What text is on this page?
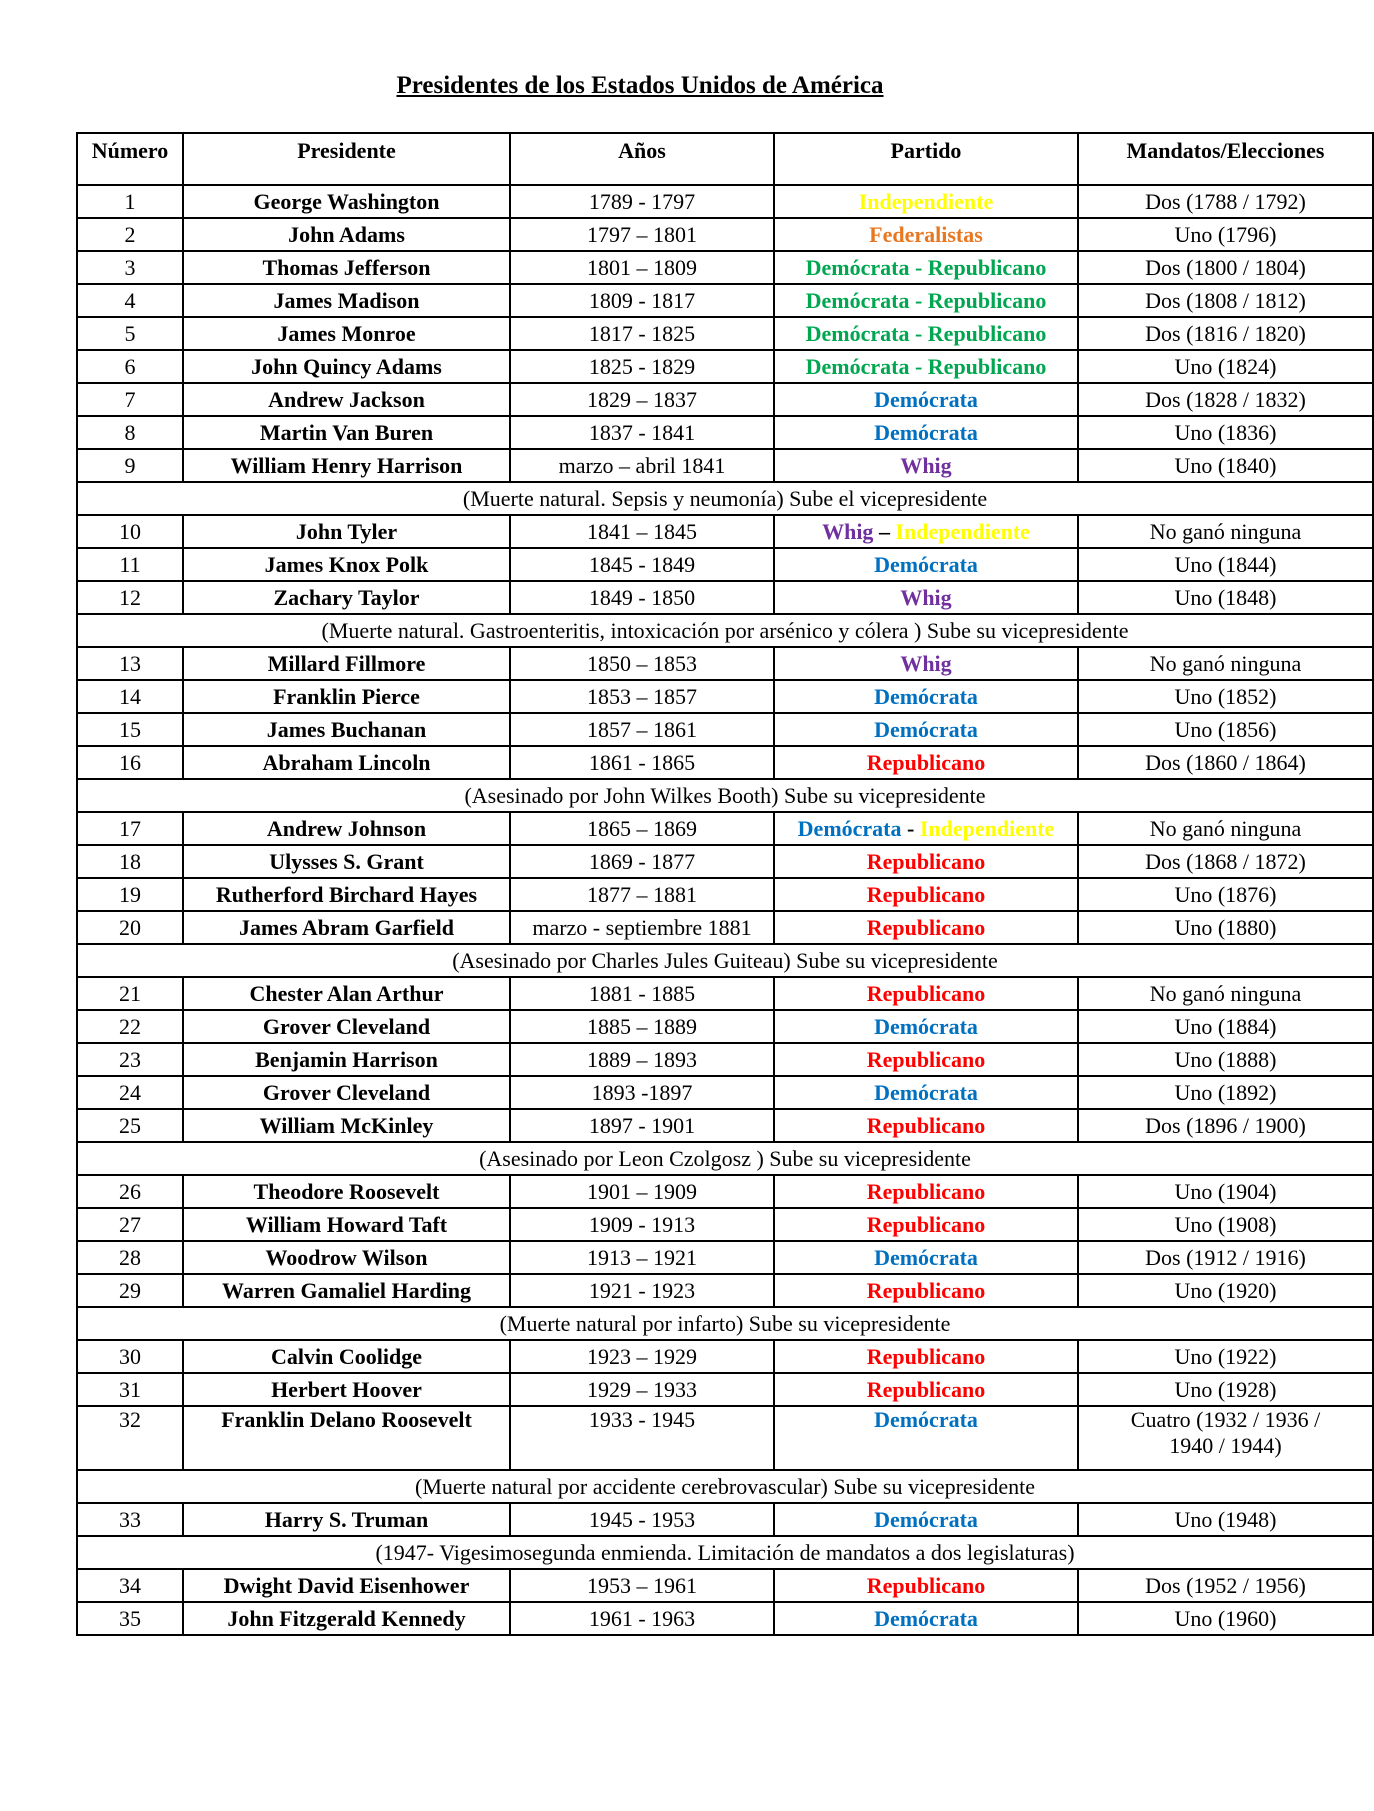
Presidentes de los Estados Unidos de América
Número	Presidente	Años	Partido	Mandatos/Elecciones
1	George Washington	1789 - 1797	Independiente	Dos (1788 / 1792)

2	John Adams	1797 – 1801	Federalistas	Uno (1796)

3	Thomas Jefferson	1801 – 1809	Demócrata - Republicano	Dos (1800 / 1804)

4	James Madison	1809 - 1817	Demócrata - Republicano	Dos (1808 / 1812)

5	James Monroe	1817 - 1825	Demócrata - Republicano	Dos (1816 / 1820)

6	John Quincy Adams	1825 - 1829	Demócrata - Republicano	Uno (1824)

7	Andrew Jackson	1829 – 1837	Demócrata	Dos (1828 / 1832)

8	Martin Van Buren	1837 - 1841	Demócrata	Uno (1836)

9	William Henry Harrison	marzo – abril 1841	Whig	Uno (1840)

(Muerte natural. Sepsis y neumonía) Sube el vicepresidente				
10	John Tyler	1841 – 1845	Whig – Independiente	No ganó ninguna

11	James Knox Polk	1845 - 1849	Demócrata	Uno (1844)

12	Zachary Taylor	1849 - 1850	Whig	Uno (1848)

(Muerte natural. Gastroenteritis, intoxicación por arsénico y cólera ) Sube su vicepresidente				
13	Millard Fillmore	1850 – 1853	Whig	No ganó ninguna

14	Franklin Pierce	1853 – 1857	Demócrata	Uno (1852)

15	James Buchanan	1857 – 1861	Demócrata	Uno (1856)

16	Abraham Lincoln	1861 - 1865	Republicano	Dos (1860 / 1864)

(Asesinado por John Wilkes Booth) Sube su vicepresidente				
17	Andrew Johnson	1865 – 1869	Demócrata - Independiente	No ganó ninguna

18	Ulysses S. Grant	1869 - 1877	Republicano	Dos (1868 / 1872)

19	Rutherford Birchard Hayes	1877 – 1881	Republicano	Uno (1876)

20	James Abram Garfield	marzo - septiembre 1881	Republicano	Uno (1880)

(Asesinado por Charles Jules Guiteau) Sube su vicepresidente				
21	Chester Alan Arthur	1881 - 1885	Republicano	No ganó ninguna

22	Grover Cleveland	1885 – 1889	Demócrata	Uno (1884)

23	Benjamin Harrison	1889 – 1893	Republicano	Uno (1888)

24	Grover Cleveland	1893 -1897	Demócrata	Uno (1892)

25	William McKinley	1897 - 1901	Republicano	Dos (1896 / 1900)

(Asesinado por Leon Czolgosz ) Sube su vicepresidente				
26	Theodore Roosevelt	1901 – 1909	Republicano	Uno (1904)

27	William Howard Taft	1909 - 1913	Republicano	Uno (1908)

28	Woodrow Wilson	1913 – 1921	Demócrata	Dos (1912 / 1916)

29	Warren Gamaliel Harding	1921 - 1923	Republicano	Uno (1920)

(Muerte natural por infarto) Sube su vicepresidente				
30	Calvin Coolidge	1923 – 1929	Republicano	Uno (1922)

31	Herbert Hoover	1929 – 1933	Republicano	Uno (1928)

32	Franklin Delano Roosevelt	1933 - 1945	Demócrata	Cuatro (1932 / 1936 /
1940 / 1944)

(Muerte natural por accidente cerebrovascular) Sube su vicepresidente				
33	Harry S. Truman	1945 - 1953	Demócrata	Uno (1948)

(1947- Vigesimosegunda enmienda. Limitación de mandatos a dos legislaturas)				
34	Dwight David Eisenhower	1953 – 1961	Republicano	Dos (1952 / 1956)

35	John Fitzgerald Kennedy	1961 - 1963	Demócrata	Uno (1960)
